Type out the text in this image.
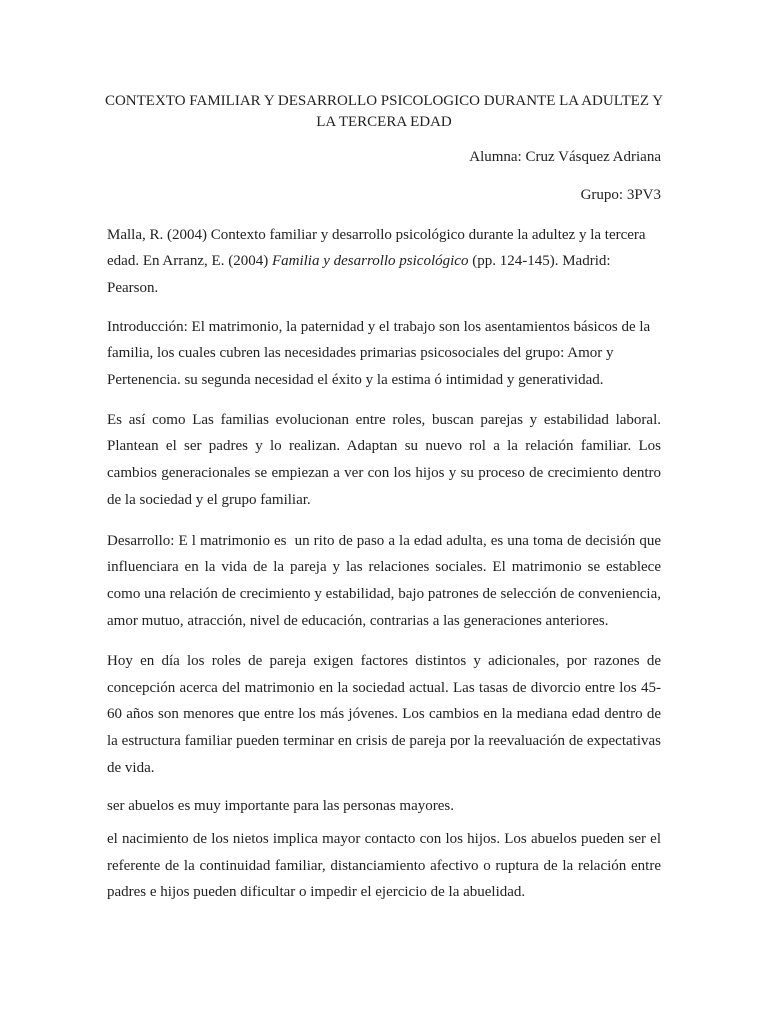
CONTEXTO FAMILIAR Y DESARROLLO PSICOLOGICO DURANTE LA ADULTEZ Y LA TERCERA EDAD

Alumna: Cruz Vásquez Adriana

Grupo: 3PV3

Malla, R. (2004) Contexto familiar y desarrollo psicológico durante la adultez y la tercera edad. En Arranz, E. (2004) Familia y desarrollo psicológico (pp. 124-145). Madrid: Pearson.

Introducción: El matrimonio, la paternidad y el trabajo son los asentamientos básicos de la familia, los cuales cubren las necesidades primarias psicosociales del grupo: Amor y Pertenencia. su segunda necesidad el éxito y la estima ó intimidad y generatividad.

Es así como Las familias evolucionan entre roles, buscan parejas y estabilidad laboral. Plantean el ser padres y lo realizan. Adaptan su nuevo rol a la relación familiar. Los cambios generacionales se empiezan a ver con los hijos y su proceso de crecimiento dentro de la sociedad y el grupo familiar.

Desarrollo: E l matrimonio es  un rito de paso a la edad adulta, es una toma de decisión que influenciara en la vida de la pareja y las relaciones sociales. El matrimonio se establece como una relación de crecimiento y estabilidad, bajo patrones de selección de conveniencia, amor mutuo, atracción, nivel de educación, contrarias a las generaciones anteriores.

Hoy en día los roles de pareja exigen factores distintos y adicionales, por razones de concepción acerca del matrimonio en la sociedad actual. Las tasas de divorcio entre los 45-60 años son menores que entre los más jóvenes. Los cambios en la mediana edad dentro de la estructura familiar pueden terminar en crisis de pareja por la reevaluación de expectativas de vida.

ser abuelos es muy importante para las personas mayores.

el nacimiento de los nietos implica mayor contacto con los hijos. Los abuelos pueden ser el referente de la continuidad familiar, distanciamiento afectivo o ruptura de la relación entre padres e hijos pueden dificultar o impedir el ejercicio de la abuelidad.
